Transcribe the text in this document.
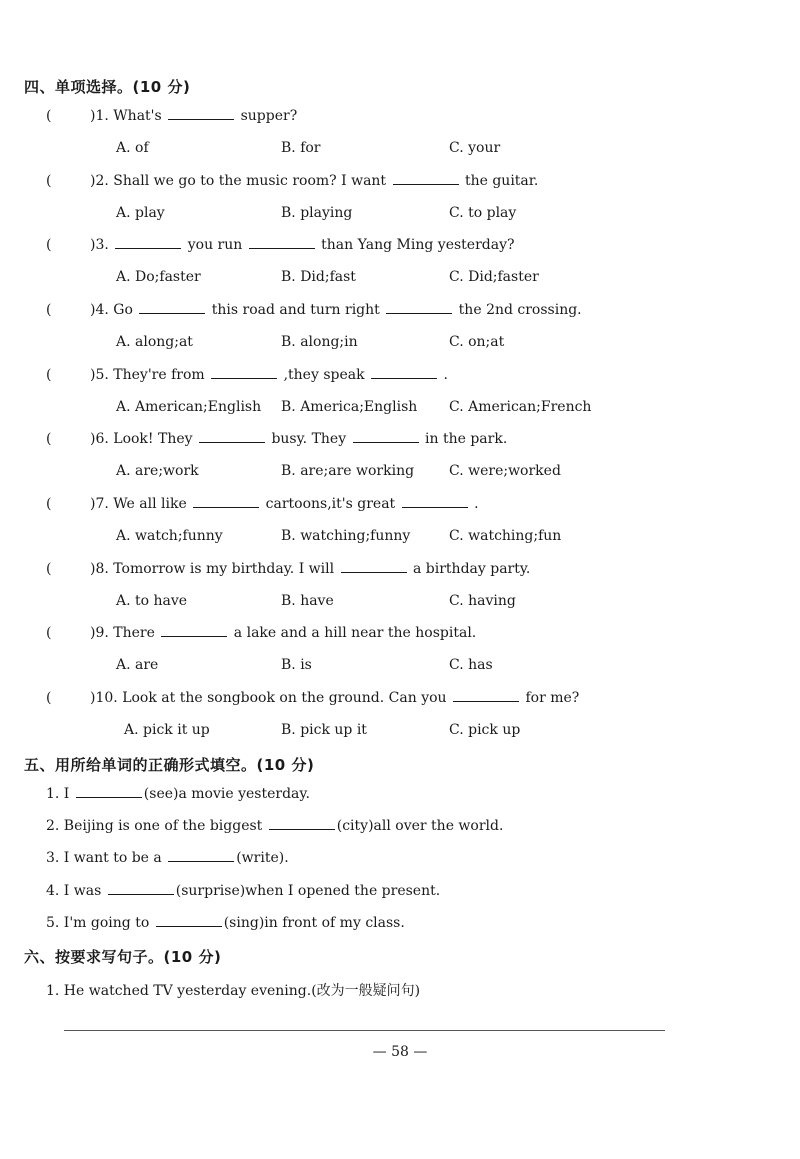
四、单项选择。(10 分)
(	)1. What's	supper?
A. of	B. for	C. your
(	)2. Shall we go to the music room? I want	the guitar.
A. play	B. playing	C. to play
(	)3.	you run	than Yang Ming yesterday?
A. Do;faster	B. Did;fast	C. Did;faster
(	)4. Go	this road and turn right	the 2nd crossing.
A. along;at	B. along;in	C. on;at
(	)5. They're from	,they speak	.
A. American;English B. America;English C. American;French
(	)6. Look! They	busy. They	in the park.
A. are;work	B. are;are working C. were;worked
(	)7. We all like	cartoons,it's great	.
A. watch;funny	B. watching;funny	C. watching;fun
(	)8. Tomorrow is my birthday. I will	a birthday party.
A. to have	B. have	C. having
(	)9. There	a lake and a hill near the hospital.
A. are	B. is	C. has
(	)10. Look at the songbook on the ground. Can you	for me?
A. pick it up	B. pick up it	C. pick up
五、用所给单词的正确形式填空。(10 分)
1. I	(see)a movie yesterday.
2. Beijing is one of the biggest	(city)all over the world.
3. I want to be a	(write).
4. I was	(surprise)when I opened the present.
5. I'm going to	(sing)in front of my class.
六、按要求写句子。(10 分)
1. He watched TV yesterday evening.(改为一般疑问句)
— 58 —
